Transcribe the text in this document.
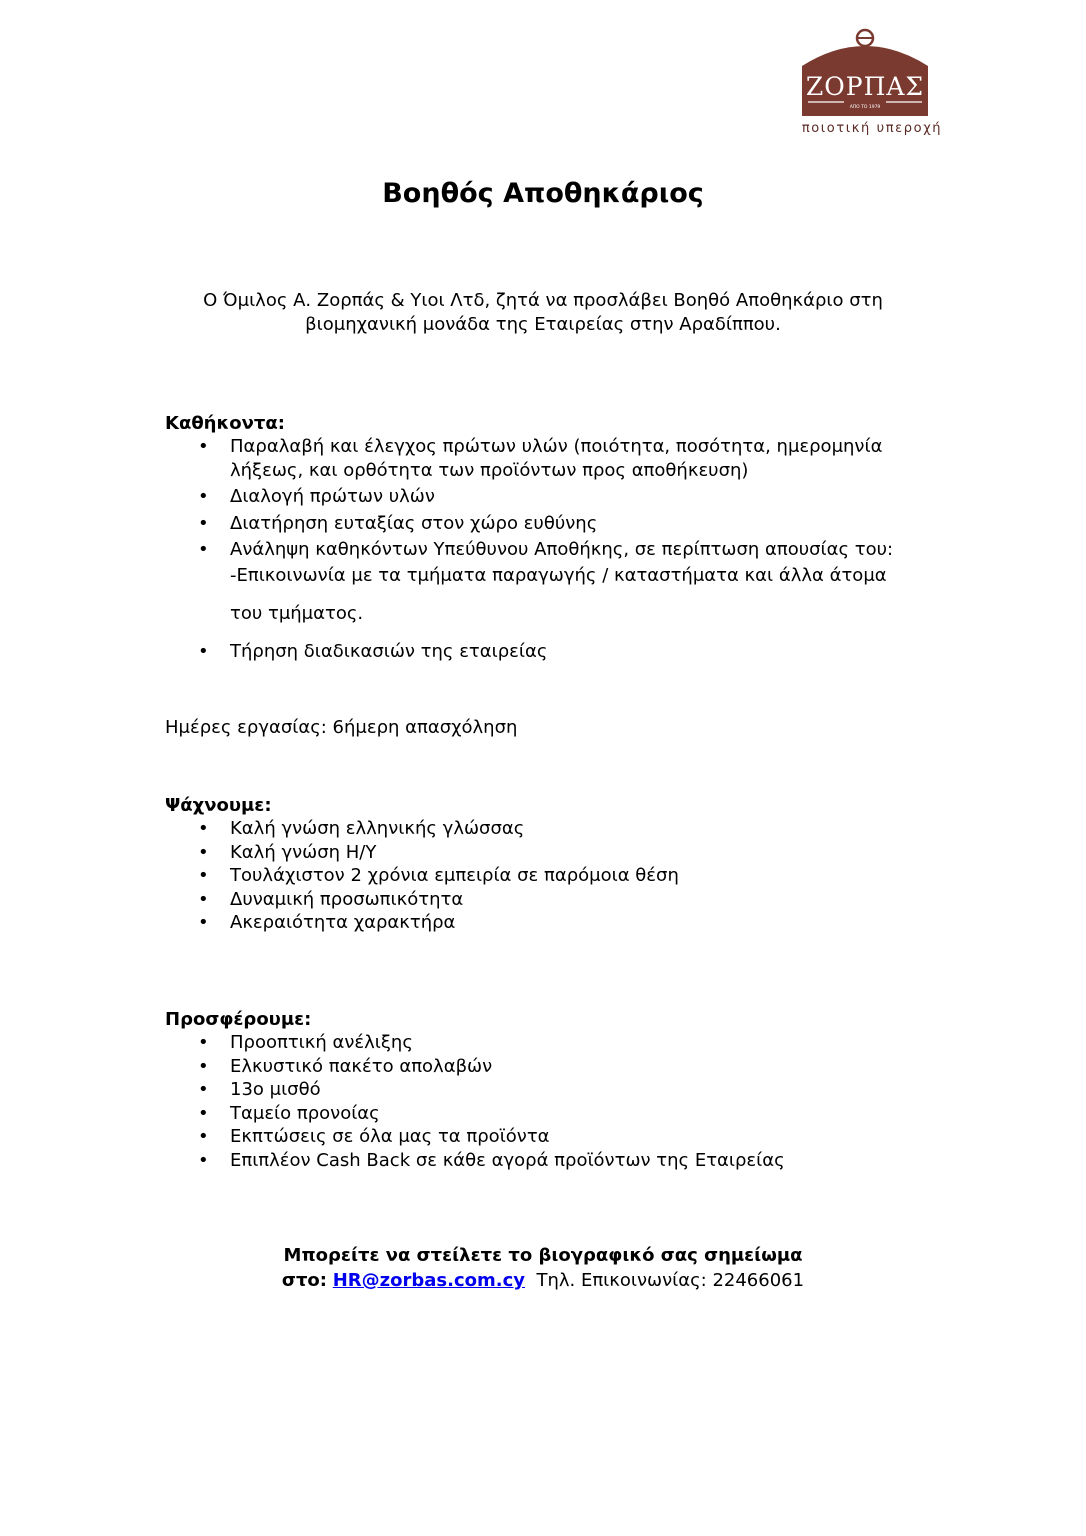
ΖΟΡΠΑΣ
ΑΠΟ ΤΟ 1979
ποιοτική υπεροχή
Βοηθός Αποθηκάριος
Ο Όμιλος Α. Ζορπάς & Υιοι Λτδ, ζητά να προσλάβει Βοηθό Αποθηκάριο στη
βιομηχανική μονάδα της Εταιρείας στην Αραδίππου.
Καθήκοντα:
• Παραλαβή και έλεγχος πρώτων υλών (ποιότητα, ποσότητα, ημερομηνία λήξεως, και ορθότητα των προϊόντων προς αποθήκευση)
• Διαλογή πρώτων υλών
• Διατήρηση ευταξίας στον χώρο ευθύνης
• Ανάληψη καθηκόντων Υπεύθυνου Αποθήκης, σε περίπτωση απουσίας του:
-Επικοινωνία με τα τμήματα παραγωγής / καταστήματα και άλλα άτομα
του τμήματος.
• Τήρηση διαδικασιών της εταιρείας
Ημέρες εργασίας: 6ήμερη απασχόληση
Ψάχνουμε:
• Καλή γνώση ελληνικής γλώσσας
• Καλή γνώση Η/Υ
• Τουλάχιστον 2 χρόνια εμπειρία σε παρόμοια θέση
• Δυναμική προσωπικότητα
• Ακεραιότητα χαρακτήρα
Προσφέρουμε:
• Προοπτική ανέλιξης
• Ελκυστικό πακέτο απολαβών
• 13ο μισθό
• Ταμείο προνοίας
• Εκπτώσεις σε όλα μας τα προϊόντα
• Επιπλέον Cash Back σε κάθε αγορά προϊόντων της Εταιρείας
Μπορείτε να στείλετε το βιογραφικό σας σημείωμα
στο: HR@zorbas.com.cy Τηλ. Επικοινωνίας: 22466061
